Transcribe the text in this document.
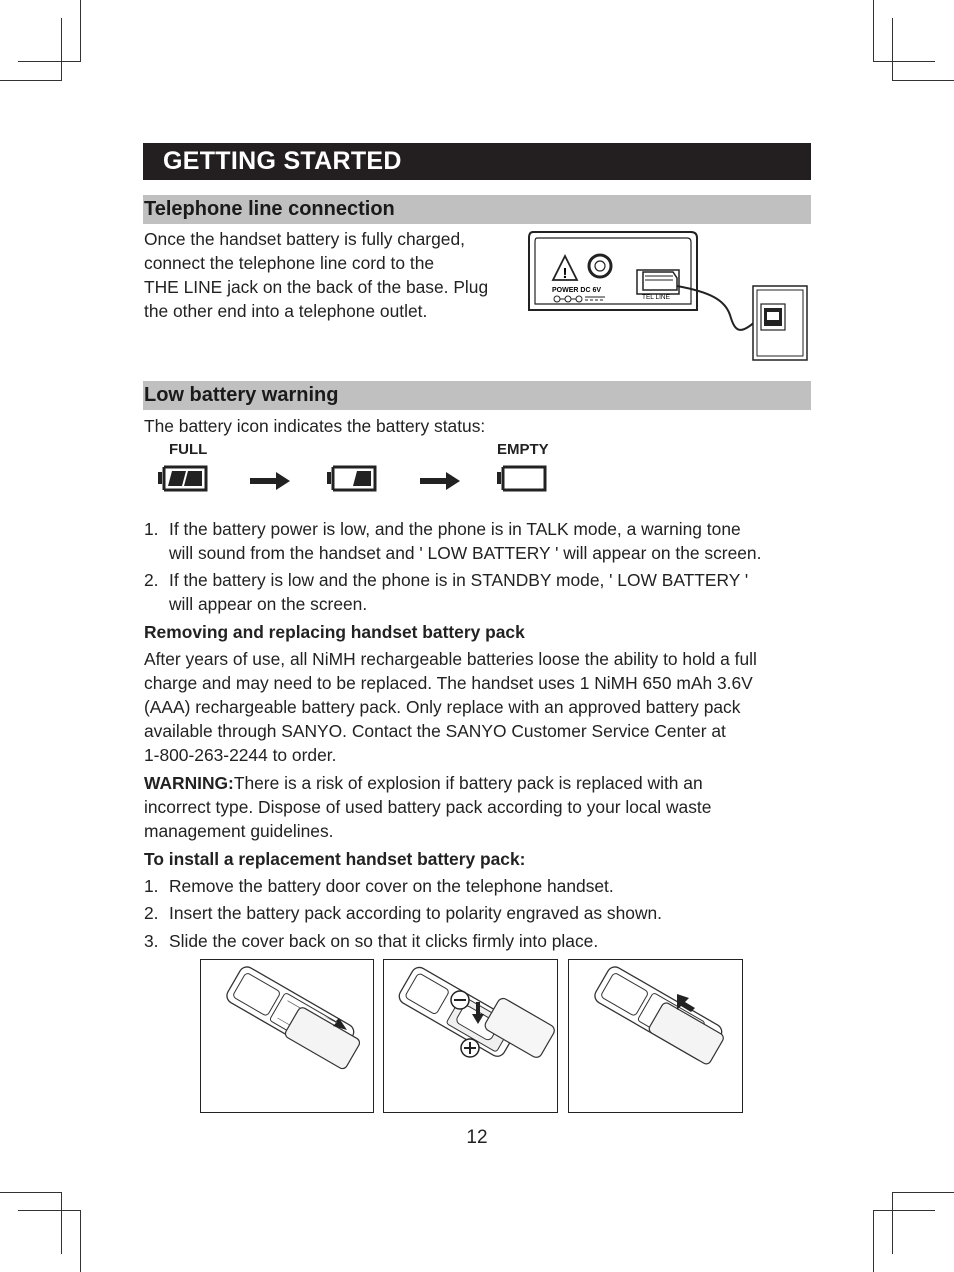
GETTING STARTED
Telephone line connection
Once the handset battery is fully charged,
connect the telephone line cord to the
THE LINE jack on the back of the base. Plug
the other end into a telephone outlet.
!
POWER DC 6V
TEL LINE
Low battery warning
The battery icon indicates the battery status:
FULL	EMPTY
1. If the battery power is low, and the phone is in TALK mode, a warning tone
will sound from the handset and ' LOW BATTERY ' will appear on the screen.
2. If the battery is low and the phone is in STANDBY mode, ' LOW BATTERY '
will appear on the screen.
Removing and replacing handset battery pack
After years of use, all NiMH rechargeable batteries loose the ability to hold a full
charge and may need to be replaced. The handset uses 1 NiMH 650 mAh 3.6V
(AAA) rechargeable battery pack. Only replace with an approved battery pack
available through SANYO. Contact the SANYO Customer Service Center at
1-800-263-2244 to order.
WARNING:There is a risk of explosion if battery pack is replaced with an
incorrect type. Dispose of used battery pack according to your local waste
management guidelines.
To install a replacement handset battery pack:
1. Remove the battery door cover on the telephone handset.
2. Insert the battery pack according to polarity engraved as shown.
3. Slide the cover back on so that it clicks firmly into place.
12
